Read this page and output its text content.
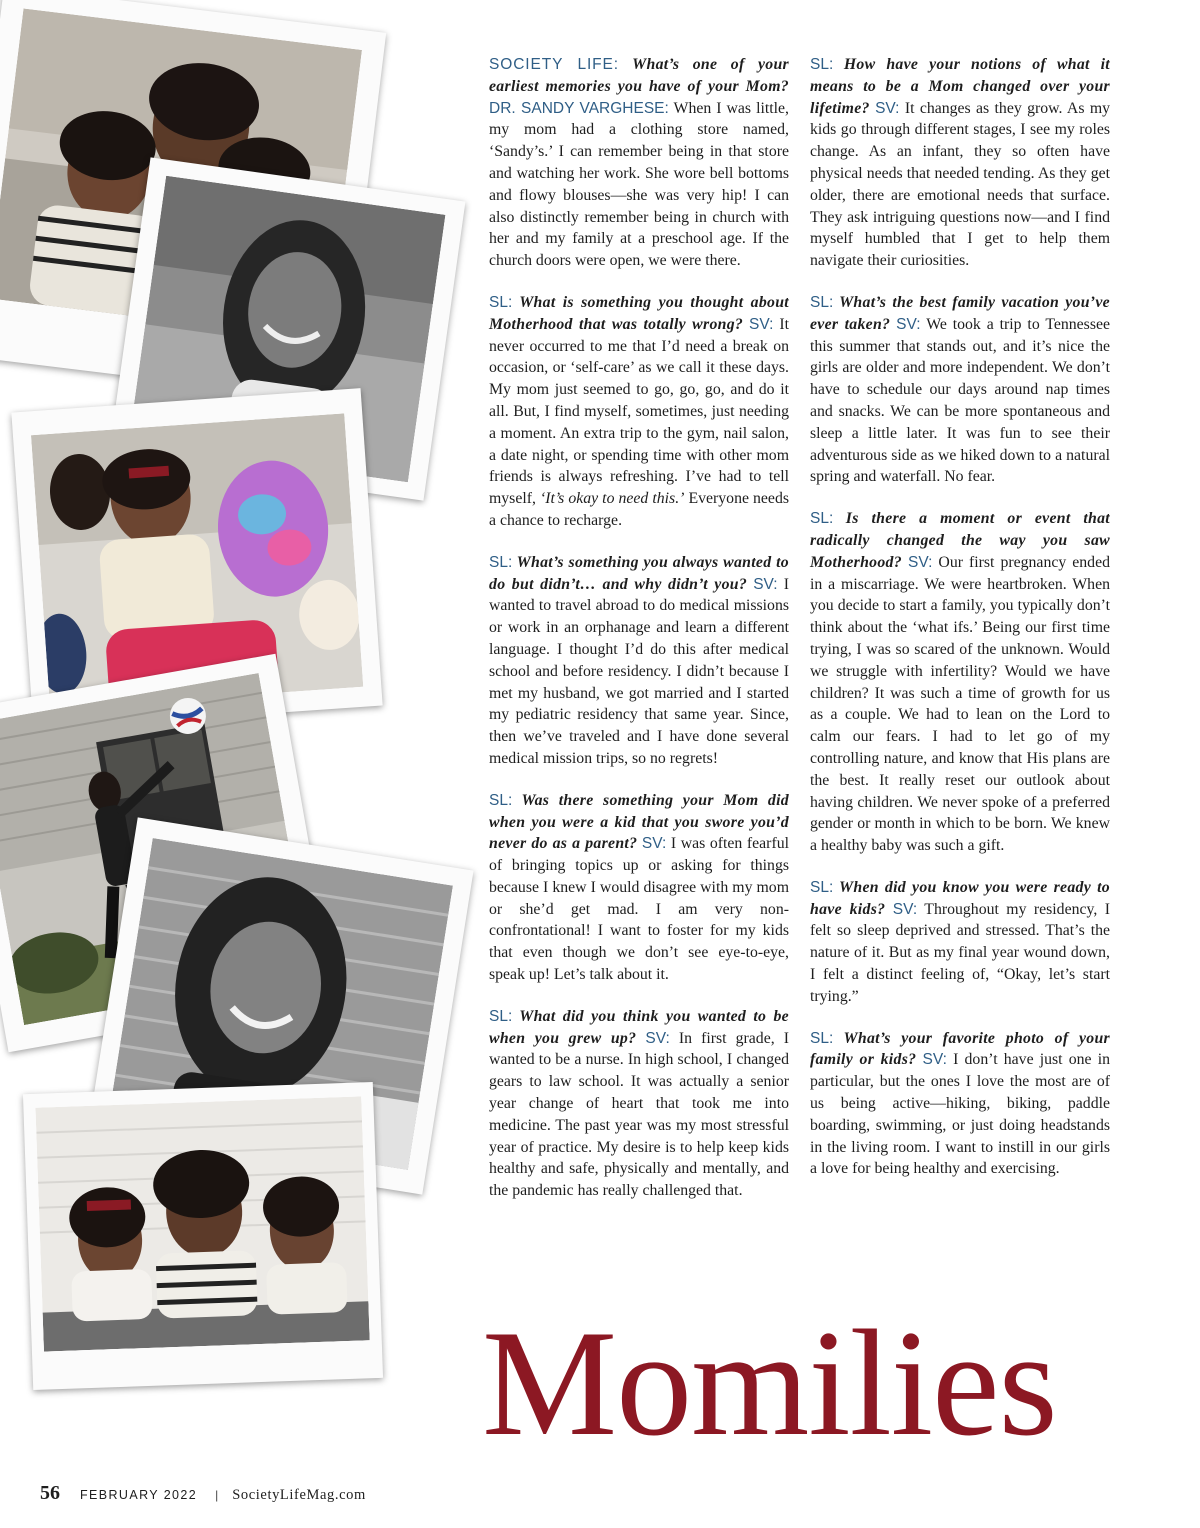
SOCIETY LIFE: What’s one of your earliest memories you have of your Mom? DR. SANDY VARGHESE: When I was little, my mom had a clothing store named, ‘Sandy’s.’ I can remember being in that store and watching her work. She wore bell bottoms and flowy blouses—she was very hip! I can also distinctly remember being in church with her and my family at a preschool age. If the church doors were open, we were there.

SL: What is something you thought about Motherhood that was totally wrong? SV: It never occurred to me that I’d need a break on occasion, or ‘self-care’ as we call it these days. My mom just seemed to go, go, go, and do it all. But, I find myself, sometimes, just needing a moment. An extra trip to the gym, nail salon, a date night, or spending time with other mom friends is always refreshing. I’ve had to tell myself, ‘It’s okay to need this.’ Everyone needs a chance to recharge.

SL: What’s something you always wanted to do but didn’t… and why didn’t you? SV: I wanted to travel abroad to do medical missions or work in an orphanage and learn a different language. I thought I’d do this after medical school and before residency. I didn’t because I met my husband, we got married and I started my pediatric residency that same year. Since, then we’ve traveled and I have done several medical mission trips, so no regrets!

SL: Was there something your Mom did when you were a kid that you swore you’d never do as a parent? SV: I was often fearful of bringing topics up or asking for things because I knew I would disagree with my mom or she’d get mad. I am very non-confrontational! I want to foster for my kids that even though we don’t see eye-to-eye, speak up! Let’s talk about it.

SL: What did you think you wanted to be when you grew up? SV: In first grade, I wanted to be a nurse. In high school, I changed gears to law school. It was actually a senior year change of heart that took me into medicine. The past year was my most stressful year of practice. My desire is to help keep kids healthy and safe, physically and mentally, and the pandemic has really challenged that.

SL: How have your notions of what it means to be a Mom changed over your lifetime? SV: It changes as they grow. As my kids go through different stages, I see my roles change. As an infant, they so often have physical needs that needed tending. As they get older, there are emotional needs that surface. They ask intriguing questions now—and I find myself humbled that I get to help them navigate their curiosities.

SL: What’s the best family vacation you’ve ever taken? SV: We took a trip to Tennessee this summer that stands out, and it’s nice the girls are older and more independent. We don’t have to schedule our days around nap times and snacks. We can be more spontaneous and sleep a little later. It was fun to see their adventurous side as we hiked down to a natural spring and waterfall. No fear.

SL: Is there a moment or event that radically changed the way you saw Motherhood? SV: Our first pregnancy ended in a miscarriage. We were heartbroken. When you decide to start a family, you typically don’t think about the ‘what ifs.’ Being our first time trying, I was so scared of the unknown. Would we struggle with infertility? Would we have children? It was such a time of growth for us as a couple. We had to lean on the Lord to calm our fears. I had to let go of my controlling nature, and know that His plans are the best. It really reset our outlook about having children. We never spoke of a preferred gender or month in which to be born. We knew a healthy baby was such a gift.

SL: When did you know you were ready to have kids? SV: Throughout my residency, I felt so sleep deprived and stressed. That’s the nature of it. But as my final year wound down, I felt a distinct feeling of, “Okay, let’s start trying.”

SL: What’s your favorite photo of your family or kids? SV: I don’t have just one in particular, but the ones I love the most are of us being active—hiking, biking, paddle boarding, swimming, or just doing headstands in the living room. I want to instill in our girls a love for being healthy and exercising.

Momilies
56 FEBRUARY 2022 | SocietyLifeMag.com
